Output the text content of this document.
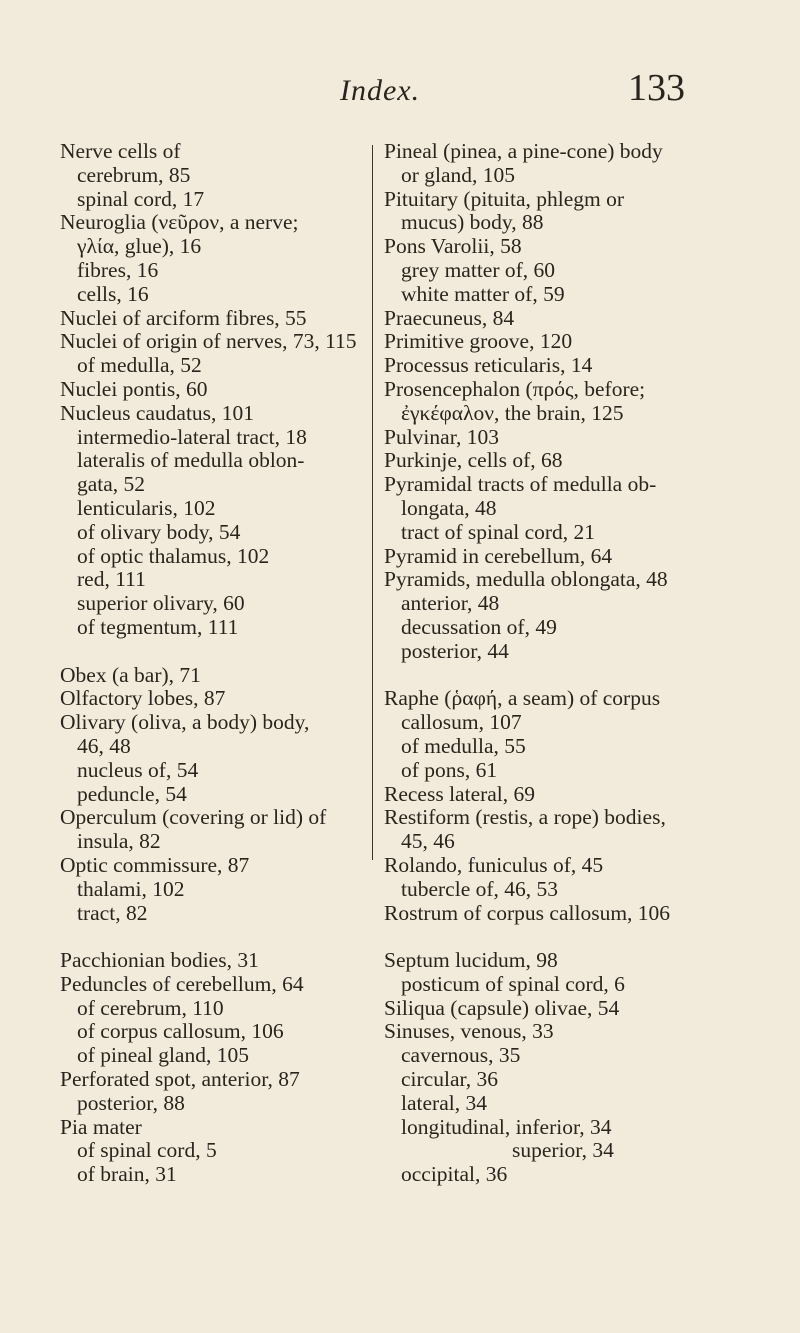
Index.	133
Nerve cells of
cerebrum, 85
spinal cord, 17
Neuroglia (νεῦρον, a nerve;
γλία, glue), 16
fibres, 16
cells, 16
Nuclei of arciform fibres, 55
Nuclei of origin of nerves, 73, 115
of medulla, 52
Nuclei pontis, 60
Nucleus caudatus, 101
intermedio-lateral tract, 18
lateralis of medulla oblon-
gata, 52
lenticularis, 102
of olivary body, 54
of optic thalamus, 102
red, 111
superior olivary, 60
of tegmentum, 111
Obex (a bar), 71
Olfactory lobes, 87
Olivary (oliva, a body) body,
46, 48
nucleus of, 54
peduncle, 54
Operculum (covering or lid) of
insula, 82
Optic commissure, 87
thalami, 102
tract, 82
Pacchionian bodies, 31
Peduncles of cerebellum, 64
of cerebrum, 110
of corpus callosum, 106
of pineal gland, 105
Perforated spot, anterior, 87
posterior, 88
Pia mater
of spinal cord, 5
of brain, 31
Pineal (pinea, a pine-cone) body
or gland, 105
Pituitary (pituita, phlegm or
mucus) body, 88
Pons Varolii, 58
grey matter of, 60
white matter of, 59
Praecuneus, 84
Primitive groove, 120
Processus reticularis, 14
Prosencephalon (πρός, before;
ἐγκέφαλον, the brain, 125
Pulvinar, 103
Purkinje, cells of, 68
Pyramidal tracts of medulla ob-
longata, 48
tract of spinal cord, 21
Pyramid in cerebellum, 64
Pyramids, medulla oblongata, 48
anterior, 48
decussation of, 49
posterior, 44
Raphe (ῥαφή, a seam) of corpus
callosum, 107
of medulla, 55
of pons, 61
Recess lateral, 69
Restiform (restis, a rope) bodies,
45, 46
Rolando, funiculus of, 45
tubercle of, 46, 53
Rostrum of corpus callosum, 106
Septum lucidum, 98
posticum of spinal cord, 6
Siliqua (capsule) olivae, 54
Sinuses, venous, 33
cavernous, 35
circular, 36
lateral, 34
longitudinal, inferior, 34
superior, 34
occipital, 36
